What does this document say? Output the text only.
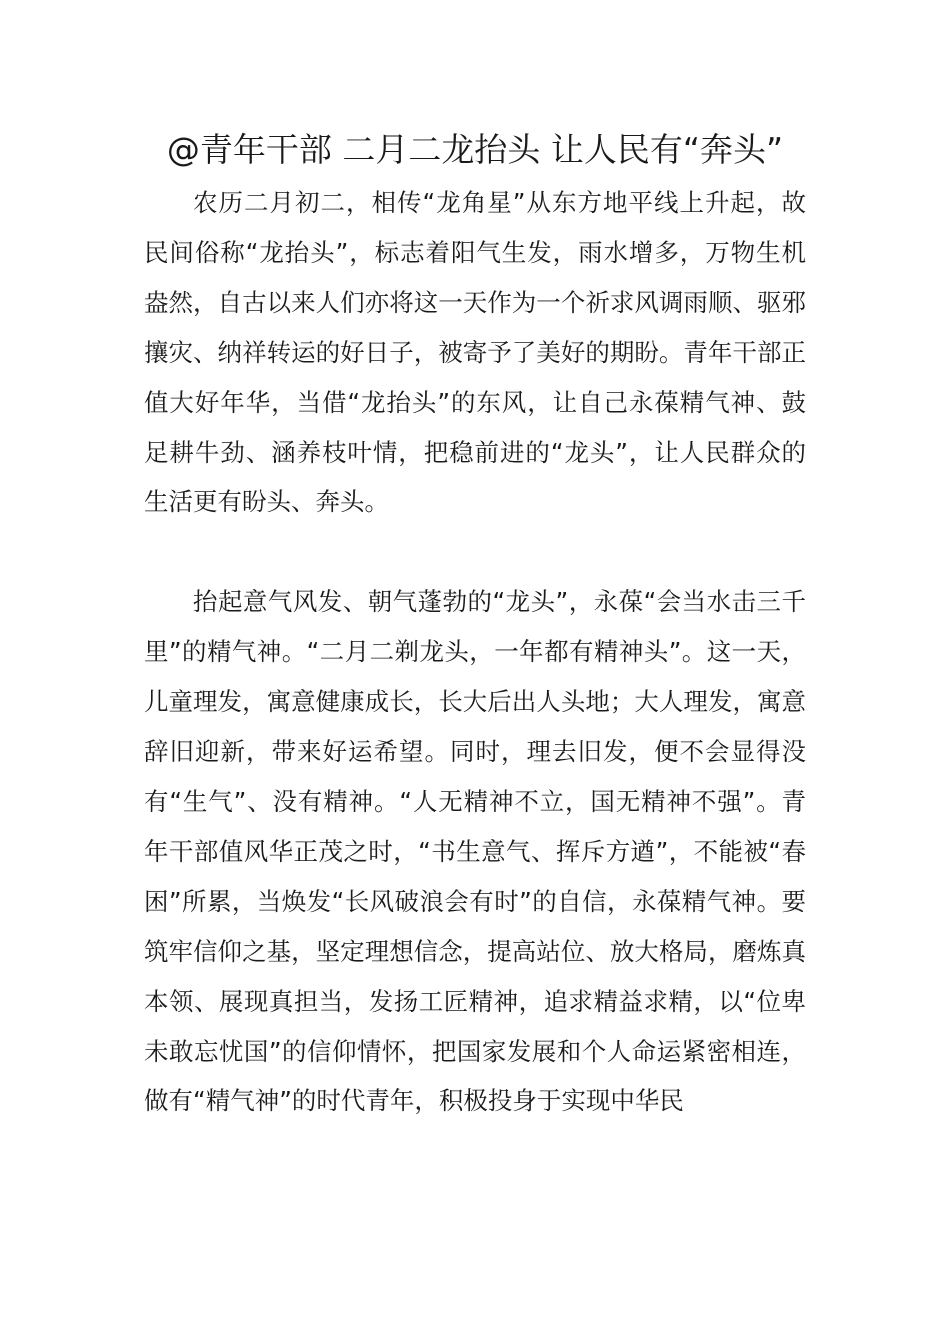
@青年干部 二月二龙抬头 让人民有“奔头”

农历二月初二，相传“龙角星”从东方地平线上升起，故民间俗称“龙抬头”，标志着阳气生发，雨水增多，万物生机盎然，自古以来人们亦将这一天作为一个祈求风调雨顺、驱邪攘灾、纳祥转运的好日子，被寄予了美好的期盼。青年干部正值大好年华，当借“龙抬头”的东风，让自己永葆精气神、鼓足耕牛劲、涵养枝叶情，把稳前进的“龙头”，让人民群众的生活更有盼头、奔头。

抬起意气风发、朝气蓬勃的“龙头”，永葆“会当水击三千里”的精气神。“二月二剃龙头，一年都有精神头”。这一天，儿童理发，寓意健康成长，长大后出人头地；大人理发，寓意辞旧迎新，带来好运希望。同时，理去旧发，便不会显得没有“生气”、没有精神。“人无精神不立，国无精神不强”。青年干部值风华正茂之时，“书生意气、挥斥方遒”，不能被“春困”所累，当焕发“长风破浪会有时”的自信，永葆精气神。要筑牢信仰之基，坚定理想信念，提高站位、放大格局，磨炼真本领、展现真担当，发扬工匠精神，追求精益求精，以“位卑未敢忘忧国”的信仰情怀，把国家发展和个人命运紧密相连，做有“精气神”的时代青年，积极投身于实现中华民
